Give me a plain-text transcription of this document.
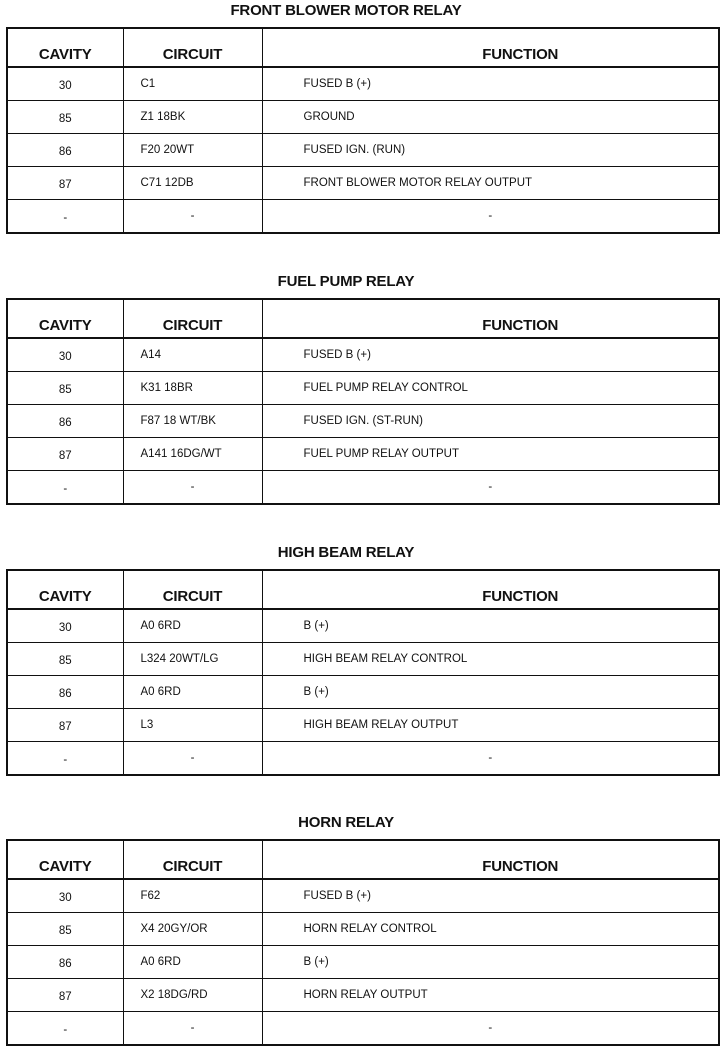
FRONT BLOWER MOTOR RELAY
CAVITY	CIRCUIT	FUNCTION
30	C1	FUSED B (+)
85	Z1 18BK	GROUND
86	F20 20WT	FUSED IGN. (RUN)
87	C71 12DB	FRONT BLOWER MOTOR RELAY OUTPUT
-	-	-
FUEL PUMP RELAY
CAVITY	CIRCUIT	FUNCTION
30	A14	FUSED B (+)
85	K31 18BR	FUEL PUMP RELAY CONTROL
86	F87 18 WT/BK	FUSED IGN. (ST-RUN)
87	A141 16DG/WT	FUEL PUMP RELAY OUTPUT
-	-	-
HIGH BEAM RELAY
CAVITY	CIRCUIT	FUNCTION
30	A0 6RD	B (+)
85	L324 20WT/LG	HIGH BEAM RELAY CONTROL
86	A0 6RD	B (+)
87	L3	HIGH BEAM RELAY OUTPUT
-	-	-
HORN RELAY
CAVITY	CIRCUIT	FUNCTION
30	F62	FUSED B (+)
85	X4 20GY/OR	HORN RELAY CONTROL
86	A0 6RD	B (+)
87	X2 18DG/RD	HORN RELAY OUTPUT
-	-	-
